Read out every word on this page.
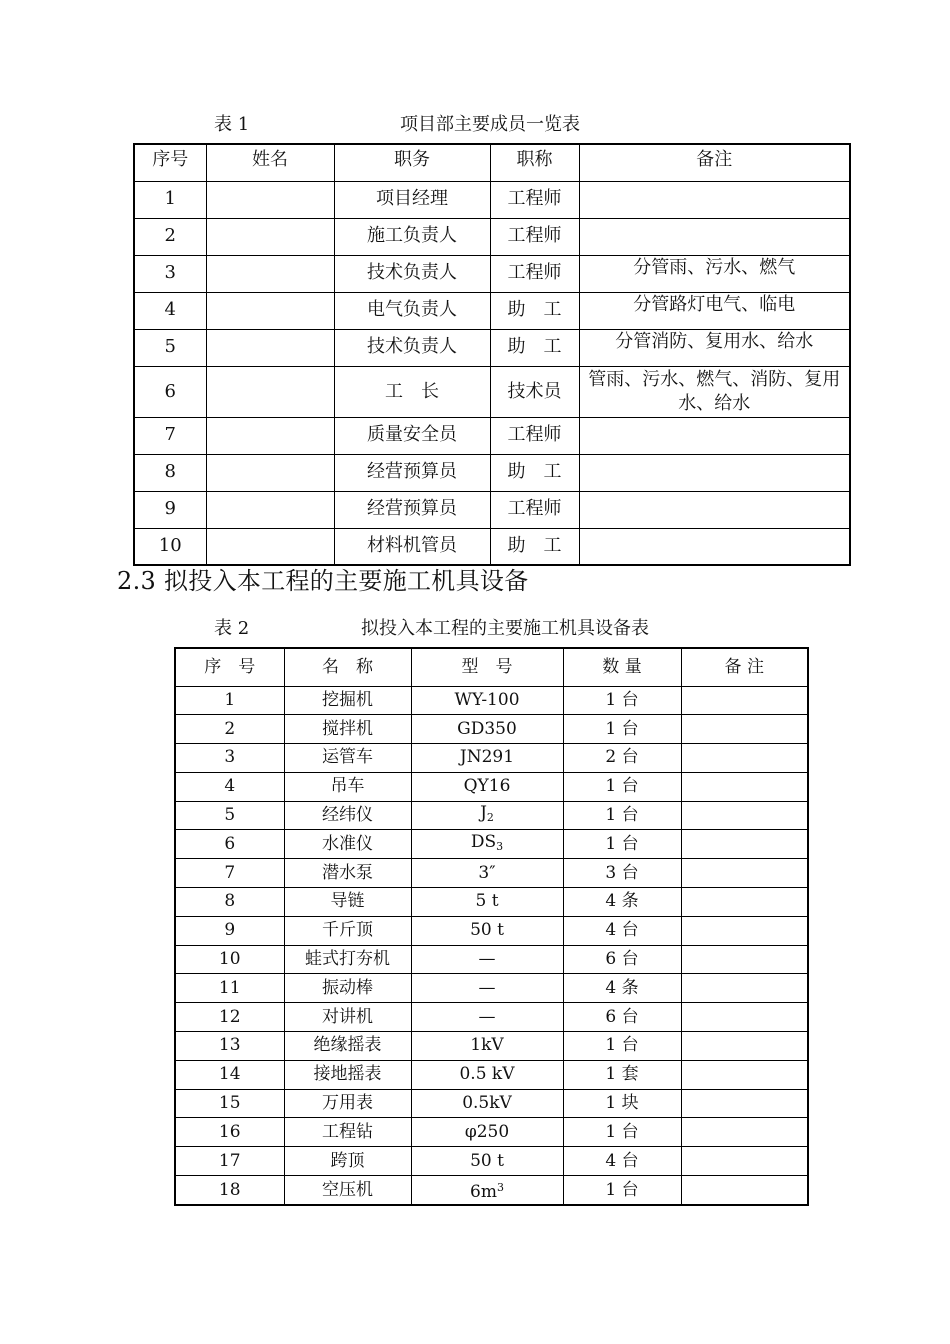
表 1	项目部主要成员一览表
序号	姓名	职务	职称	备注
1		项目经理	工程师	
2		施工负责人	工程师	
3		技术负责人	工程师	分管雨、污水、燃气
4		电气负责人	助　工	分管路灯电气、临电
5		技术负责人	助　工	分管消防、复用水、给水
6		工　长	技术员	管雨、污水、燃气、消防、复用水、给水
7		质量安全员	工程师	
8		经营预算员	助　工	
9		经营预算员	工程师	
10		材料机管员	助　工	
2.3 拟投入本工程的主要施工机具设备
表 2	拟投入本工程的主要施工机具设备表
序　号	名　称	型　号	数 量	备 注
1	挖掘机	WY-100	1 台	
2	搅拌机	GD350	1 台	
3	运管车	JN291	2 台	
4	吊车	QY16	1 台	
5	经纬仪	$J_2$	1 台	
6	水准仪	$DS_3$	1 台	
7	潜水泵	3″	3 台	
8	导链	5 t	4 条	
9	千斤顶	50 t	4 台	
10	蛙式打夯机	—	6 台	
11	振动棒	—	4 条	
12	对讲机	—	6 台	
13	绝缘摇表	1kV	1 台	
14	接地摇表	0.5 kV	1 套	
15	万用表	0.5kV	1 块	
16	工程钻	φ250	1 台	
17	跨顶	50 t	4 台	
18	空压机	$6m^3$	1 台	
